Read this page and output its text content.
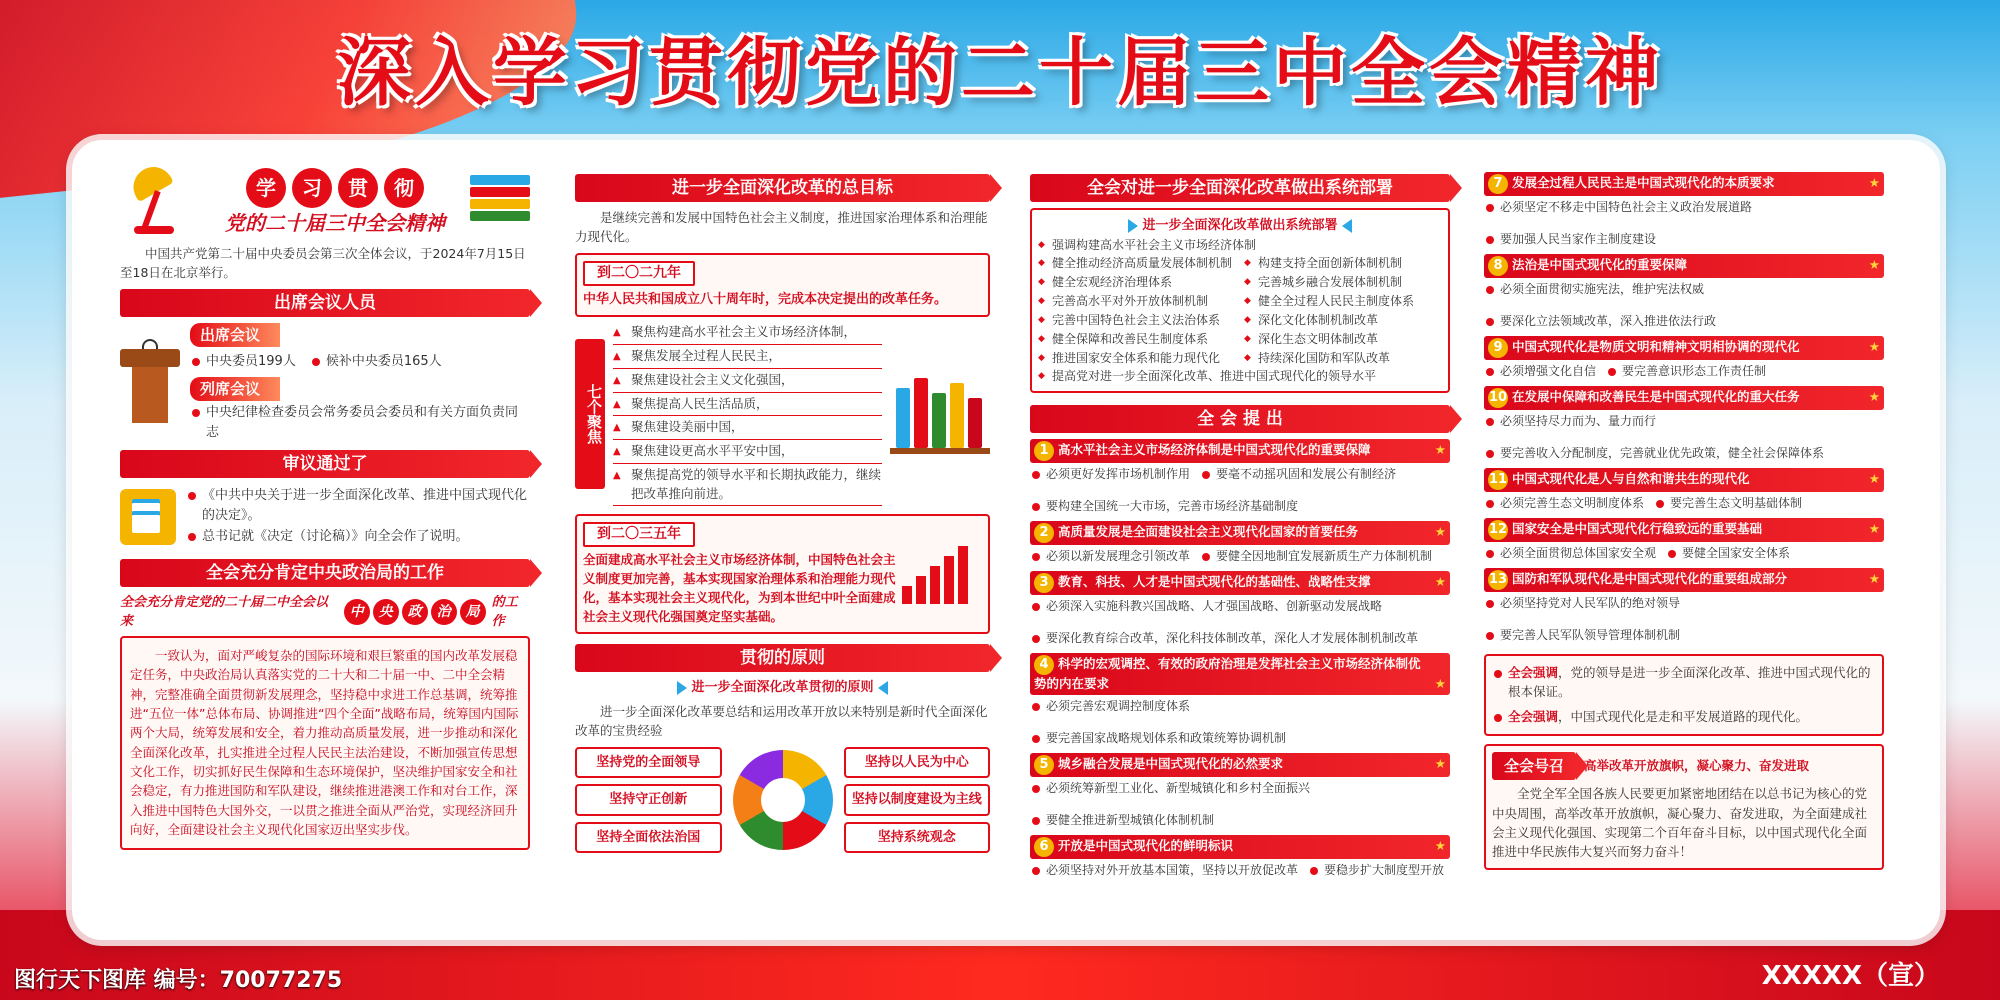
深入学习贯彻党的二十届三中全会精神
学	习	贯	彻
党的二十届三中全会精神
中国共产党第二十届中央委员会第三次全体会议，于2024年7月15日至18日在北京举行。
出席会议人员
出席会议
中央委员199人	候补中央委员165人
列席会议
中央纪律检查委员会常务委员会委员和有关方面负责同志
审议通过了
《中共中央关于进一步全面深化改革、推进中国式现代化的决定》。
总书记就《决定（讨论稿）》向全会作了说明。
全会充分肯定中央政治局的工作
全会充分肯定党的二十届二中全会以来
中	央	政	治	局
的工作
一致认为，面对严峻复杂的国际环境和艰巨繁重的国内改革发展稳定任务，中央政治局认真落实党的二十大和二十届一中、二中全会精神，完整准确全面贯彻新发展理念，坚持稳中求进工作总基调，统筹推进“五位一体”总体布局、协调推进“四个全面”战略布局，统筹国内国际两个大局，统筹发展和安全，着力推动高质量发展，进一步推动和深化全面深化改革，扎实推进全过程人民民主法治建设，不断加强宣传思想文化工作，切实抓好民生保障和生态环境保护，坚决维护国家安全和社会稳定，有力推进国防和军队建设，继续推进港澳工作和对台工作，深入推进中国特色大国外交，一以贯之推进全面从严治党，实现经济回升向好，全面建设社会主义现代化国家迈出坚实步伐。
进一步全面深化改革的总目标
是继续完善和发展中国特色社会主义制度，推进国家治理体系和治理能力现代化。
到二〇二九年
中华人民共和国成立八十周年时，完成本决定提出的改革任务。
七个聚焦
▲ 聚焦构建高水平社会主义市场经济体制，
▲ 聚焦发展全过程人民民主，
▲ 聚焦建设社会主义文化强国，
▲ 聚焦提高人民生活品质，
▲ 聚焦建设美丽中国，
▲ 聚焦建设更高水平平安中国，
▲ 聚焦提高党的领导水平和长期执政能力，继续把改革推向前进。
到二〇三五年
全面建成高水平社会主义市场经济体制，中国特色社会主义制度更加完善，基本实现国家治理体系和治理能力现代化，基本实现社会主义现代化，为到本世纪中叶全面建成社会主义现代化强国奠定坚实基础。
贯彻的原则
进一步全面深化改革贯彻的原则
进一步全面深化改革要总结和运用改革开放以来特别是新时代全面深化改革的宝贵经验
坚持党的全面领导	坚持以人民为中心
坚持守正创新	坚持以制度建设为主线
坚持全面依法治国	坚持系统观念
全会对进一步全面深化改革做出系统部署
进一步全面深化改革做出系统部署
◆ 强调构建高水平社会主义市场经济体制
◆ 健全推动经济高质量发展体制机制	◆ 构建支持全面创新体制机制
◆ 健全宏观经济治理体系	◆ 完善城乡融合发展体制机制
◆ 完善高水平对外开放体制机制	◆ 健全全过程人民民主制度体系
◆ 完善中国特色社会主义法治体系	◆ 深化文化体制机制改革
◆ 健全保障和改善民生制度体系	◆ 深化生态文明体制改革
◆ 推进国家安全体系和能力现代化	◆ 持续深化国防和军队改革
◆ 提高党对进一步全面深化改革、推进中国式现代化的领导水平
全 会 提 出
1 高水平社会主义市场经济体制是中国式现代化的重要保障 ★
必须更好发挥市场机制作用	要毫不动摇巩固和发展公有制经济
要构建全国统一大市场，完善市场经济基础制度
2 高质量发展是全面建设社会主义现代化国家的首要任务 ★
必须以新发展理念引领改革	要健全因地制宜发展新质生产力体制机制
3 教育、科技、人才是中国式现代化的基础性、战略性支撑 ★
必须深入实施科教兴国战略、人才强国战略、创新驱动发展战略
要深化教育综合改革，深化科技体制改革，深化人才发展体制机制改革
4 科学的宏观调控、有效的政府治理是发挥社会主义市场经济体制优势的内在要求 ★
必须完善宏观调控制度体系
要完善国家战略规划体系和政策统筹协调机制
5 城乡融合发展是中国式现代化的必然要求 ★
必须统筹新型工业化、新型城镇化和乡村全面振兴
要健全推进新型城镇化体制机制
6 开放是中国式现代化的鲜明标识 ★
必须坚持对外开放基本国策，坚持以开放促改革	要稳步扩大制度型开放
7 发展全过程人民民主是中国式现代化的本质要求 ★
必须坚定不移走中国特色社会主义政治发展道路
要加强人民当家作主制度建设
8 法治是中国式现代化的重要保障 ★
必须全面贯彻实施宪法，维护宪法权威
要深化立法领域改革，深入推进依法行政
9 中国式现代化是物质文明和精神文明相协调的现代化 ★
必须增强文化自信	要完善意识形态工作责任制
10 在发展中保障和改善民生是中国式现代化的重大任务 ★
必须坚持尽力而为、量力而行
要完善收入分配制度，完善就业优先政策，健全社会保障体系
11 中国式现代化是人与自然和谐共生的现代化 ★
必须完善生态文明制度体系	要完善生态文明基础体制
12 国家安全是中国式现代化行稳致远的重要基础 ★
必须全面贯彻总体国家安全观	要健全国家安全体系
13 国防和军队现代化是中国式现代化的重要组成部分 ★
必须坚持党对人民军队的绝对领导
要完善人民军队领导管理体制机制
全会强调，党的领导是进一步全面深化改革、推进中国式现代化的根本保证。
全会强调，中国式现代化是走和平发展道路的现代化。
全会号召	高举改革开放旗帜，凝心聚力、奋发进取
全党全军全国各族人民要更加紧密地团结在以总书记为核心的党中央周围，高举改革开放旗帜，凝心聚力、奋发进取，为全面建成社会主义现代化强国、实现第二个百年奋斗目标，以中国式现代化全面推进中华民族伟大复兴而努力奋斗！
图行天下图库 编号：70077275	XXXXX（宣）
